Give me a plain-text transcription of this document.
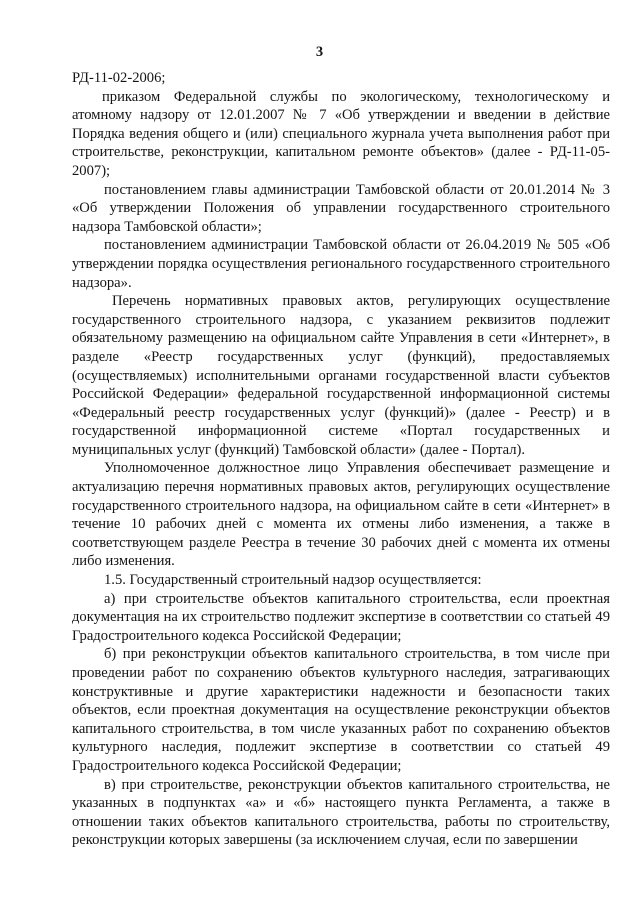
3

РД-11-02-2006;

приказом Федеральной службы по экологическому, технологическому и атомному надзору от 12.01.2007 № 7 «Об утверждении и введении в действие Порядка ведения общего и (или) специального журнала учета выполнения работ при строительстве, реконструкции, капитальном ремонте объектов» (далее - РД-11-05-2007);

постановлением главы администрации Тамбовской области от 20.01.2014 № 3 «Об утверждении Положения об управлении государственного строительного надзора Тамбовской области»;

постановлением администрации Тамбовской области от 26.04.2019 № 505 «Об утверждении порядка осуществления регионального государственного строительного надзора».

Перечень нормативных правовых актов, регулирующих осуществление государственного строительного надзора, с указанием реквизитов подлежит обязательному размещению на официальном сайте Управления в сети «Интернет», в разделе «Реестр государственных услуг (функций), предоставляемых (осуществляемых) исполнительными органами государственной власти субъектов Российской Федерации» федеральной государственной информационной системы «Федеральный реестр государственных услуг (функций)» (далее - Реестр) и в государственной информационной системе «Портал государственных и муниципальных услуг (функций) Тамбовской области» (далее - Портал).

Уполномоченное должностное лицо Управления обеспечивает размещение и актуализацию перечня нормативных правовых актов, регулирующих осуществление государственного строительного надзора, на официальном сайте в сети «Интернет» в течение 10 рабочих дней с момента их отмены либо изменения, а также в соответствующем разделе Реестра в течение 30 рабочих дней с момента их отмены либо изменения.

1.5. Государственный строительный надзор осуществляется:

а) при строительстве объектов капитального строительства, если проектная документация на их строительство подлежит экспертизе в соответствии со статьей 49 Градостроительного кодекса Российской Федерации;

б) при реконструкции объектов капитального строительства, в том числе при проведении работ по сохранению объектов культурного наследия, затрагивающих конструктивные и другие характеристики надежности и безопасности таких объектов, если проектная документация на осуществление реконструкции объектов капитального строительства, в том числе указанных работ по сохранению объектов культурного наследия, подлежит экспертизе в соответствии со статьей 49 Градостроительного кодекса Российской Федерации;

в) при строительстве, реконструкции объектов капитального строительства, не указанных в подпунктах «а» и «б» настоящего пункта Регламента, а также в отношении таких объектов капитального строительства, работы по строительству, реконструкции которых завершены (за исключением случая, если по завершении
